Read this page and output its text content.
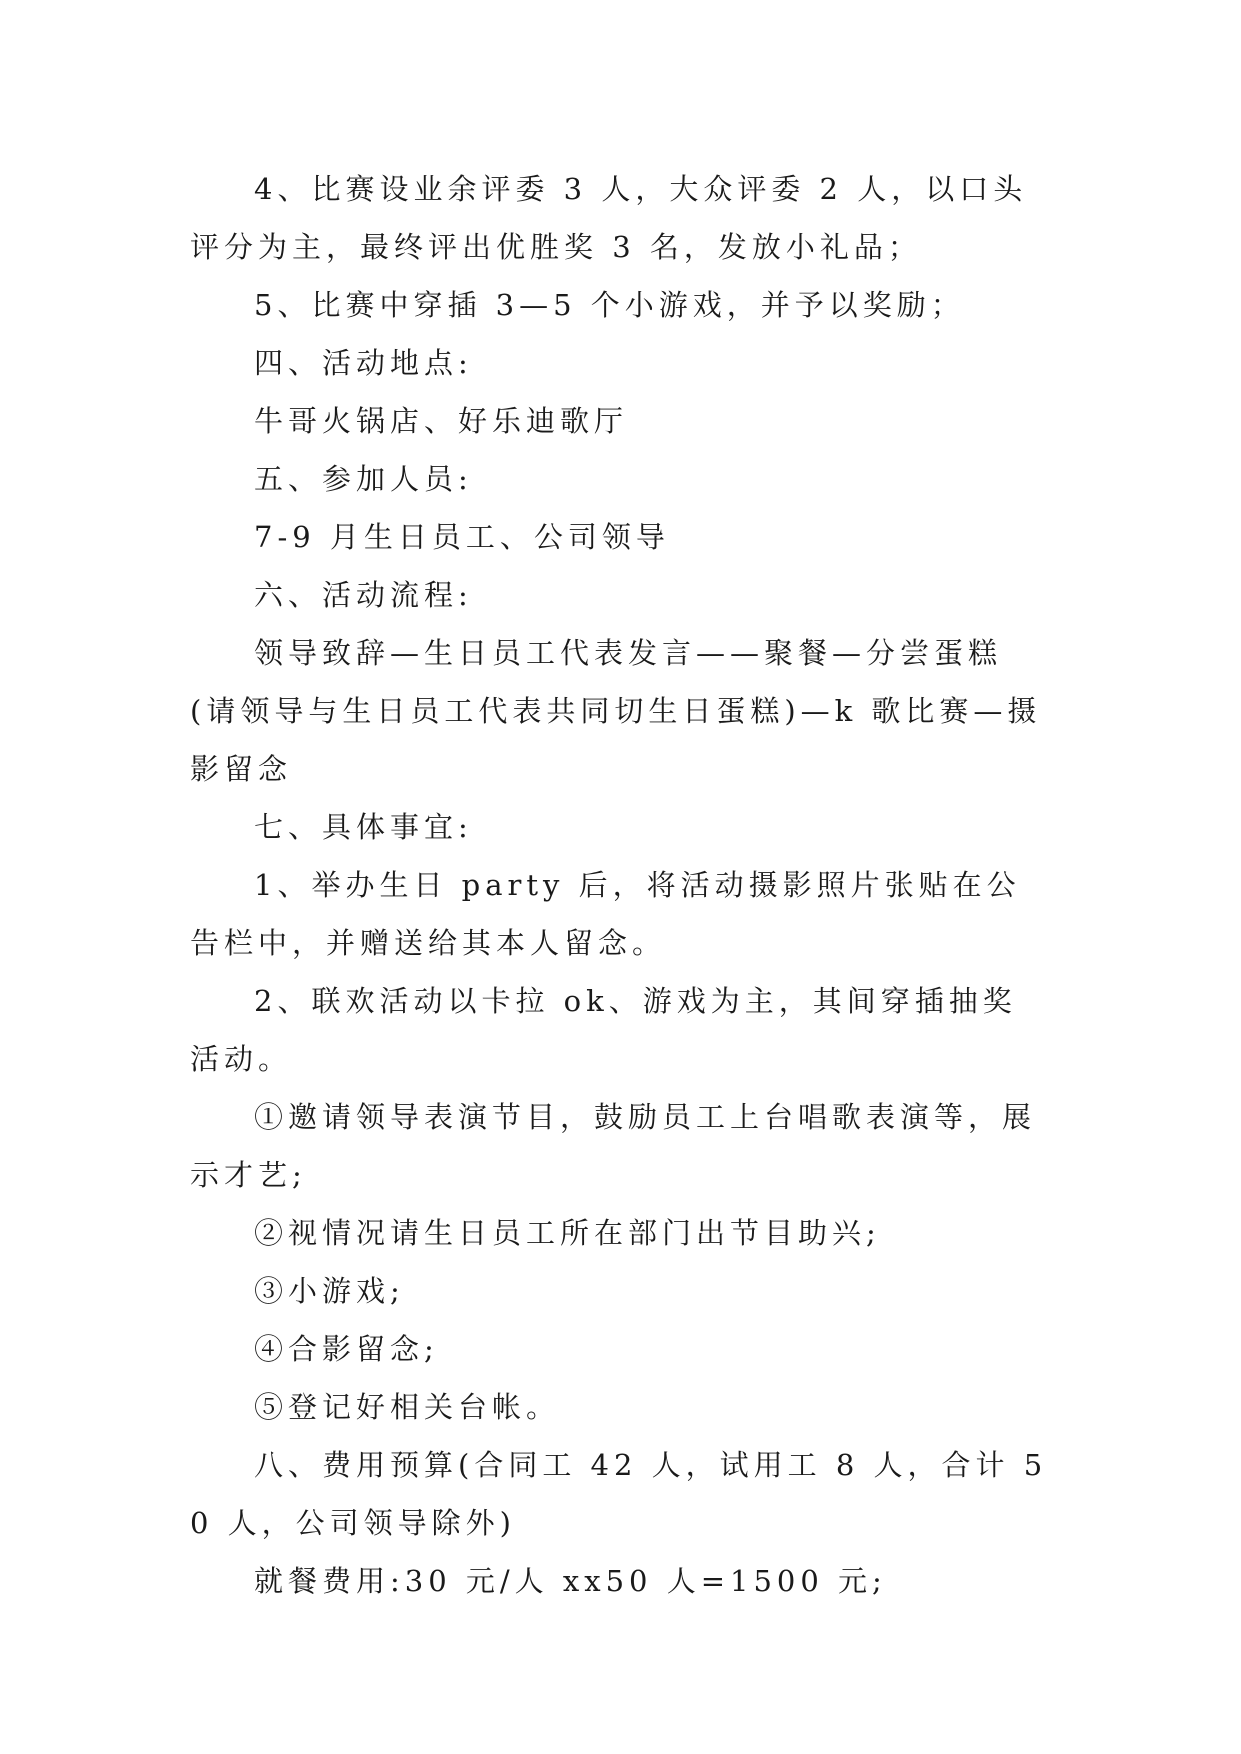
4、比赛设业余评委 3 人，大众评委 2 人，以口头评分为主，最终评出优胜奖 3 名，发放小礼品；

5、比赛中穿插 3—5 个小游戏，并予以奖励；

四、活动地点:

牛哥火锅店、好乐迪歌厅

五、参加人员:

7-9 月生日员工、公司领导

六、活动流程:

领导致辞—生日员工代表发言——聚餐—分尝蛋糕(请领导与生日员工代表共同切生日蛋糕)—k 歌比赛—摄影留念

七、具体事宜:

1、举办生日 party 后，将活动摄影照片张贴在公告栏中，并赠送给其本人留念。

2、联欢活动以卡拉 ok、游戏为主，其间穿插抽奖活动。

①邀请领导表演节目，鼓励员工上台唱歌表演等，展示才艺;

②视情况请生日员工所在部门出节目助兴;

③小游戏;

④合影留念;

⑤登记好相关台帐。

八、费用预算(合同工 42 人，试用工 8 人，合计 50 人，公司领导除外)

就餐费用:30 元/人 xx50 人=1500 元;
